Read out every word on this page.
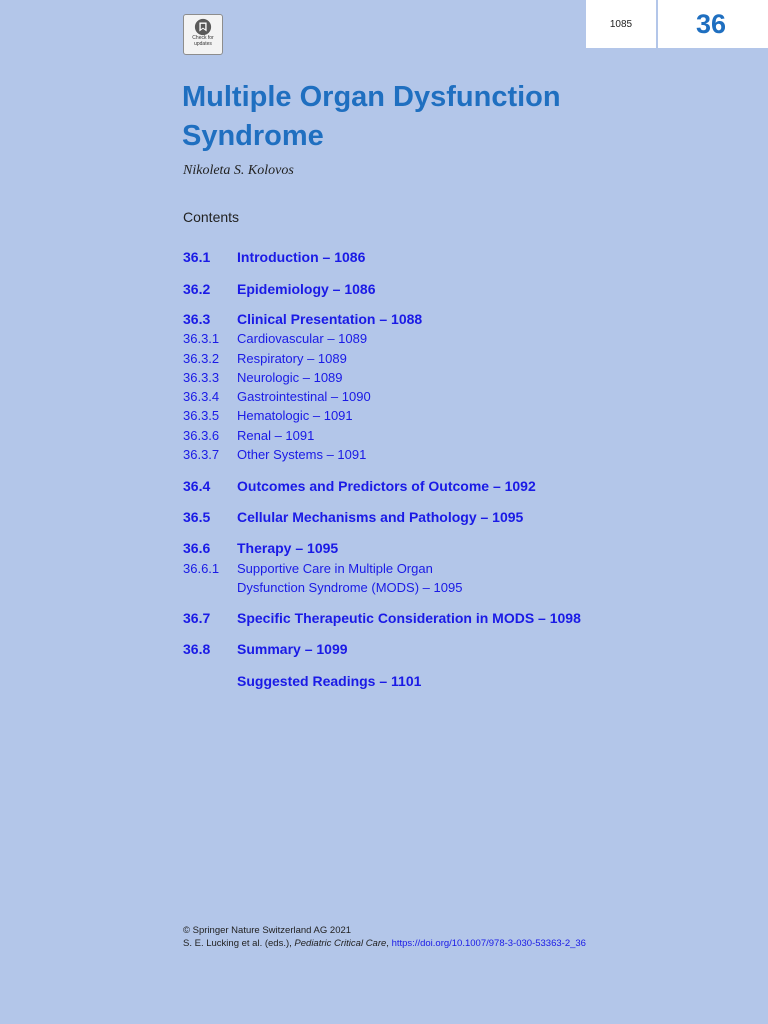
1085 36
Check for
updates
Multiple Organ Dysfunction
Syndrome
Nikoleta S. Kolovos
Contents
36.1 Introduction – 1086
36.2 Epidemiology – 1086
36.3 Clinical Presentation – 1088
36.3.1 Cardiovascular – 1089
36.3.2 Respiratory – 1089
36.3.3 Neurologic – 1089
36.3.4 Gastrointestinal – 1090
36.3.5 Hematologic – 1091
36.3.6 Renal – 1091
36.3.7 Other Systems – 1091
36.4 Outcomes and Predictors of Outcome – 1092
36.5 Cellular Mechanisms and Pathology – 1095
36.6 Therapy – 1095
36.6.1 Supportive Care in Multiple Organ
Dysfunction Syndrome (MODS) – 1095
36.7 Specific Therapeutic Consideration in MODS – 1098
36.8 Summary – 1099
Suggested Readings – 1101
© Springer Nature Switzerland AG 2021
S. E. Lucking et al. (eds.), Pediatric Critical Care, https://doi.org/10.1007/978-3-030-53363-2_36
